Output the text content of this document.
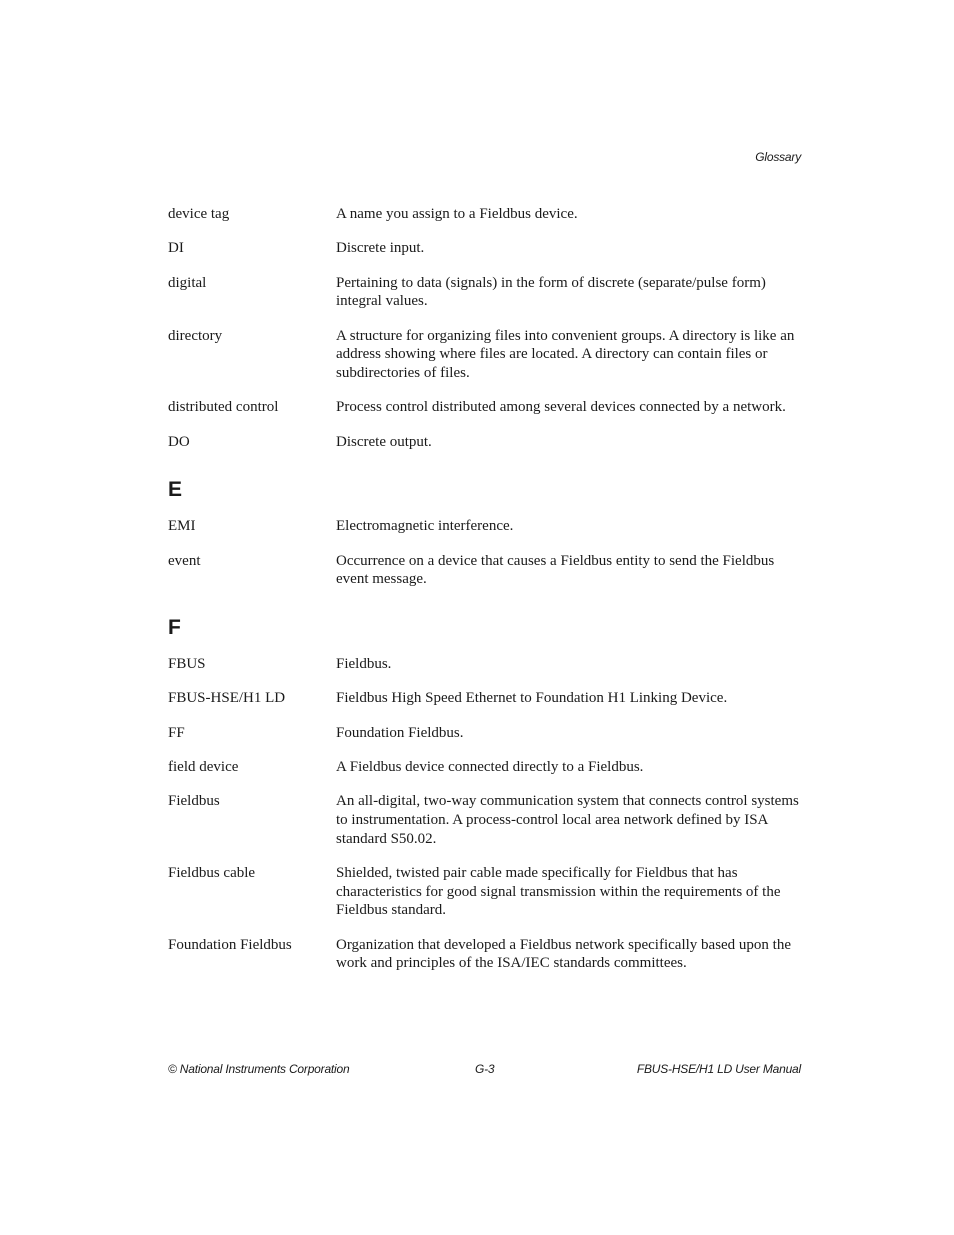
Glossary
device tag	A name you assign to a Fieldbus device.
DI	Discrete input.
digital	Pertaining to data (signals) in the form of discrete (separate/pulse form) integral values.
directory	A structure for organizing files into convenient groups. A directory is like an address showing where files are located. A directory can contain files or subdirectories of files.
distributed control	Process control distributed among several devices connected by a network.
DO	Discrete output.
E
EMI	Electromagnetic interference.
event	Occurrence on a device that causes a Fieldbus entity to send the Fieldbus event message.
F
FBUS	Fieldbus.
FBUS-HSE/H1 LD	Fieldbus High Speed Ethernet to Foundation H1 Linking Device.
FF	Foundation Fieldbus.
field device	A Fieldbus device connected directly to a Fieldbus.
Fieldbus	An all-digital, two-way communication system that connects control systems to instrumentation. A process-control local area network defined by ISA standard S50.02.
Fieldbus cable	Shielded, twisted pair cable made specifically for Fieldbus that has characteristics for good signal transmission within the requirements of the Fieldbus standard.
Foundation Fieldbus	Organization that developed a Fieldbus network specifically based upon the work and principles of the ISA/IEC standards committees.
© National Instruments Corporation	G-3	FBUS-HSE/H1 LD User Manual
